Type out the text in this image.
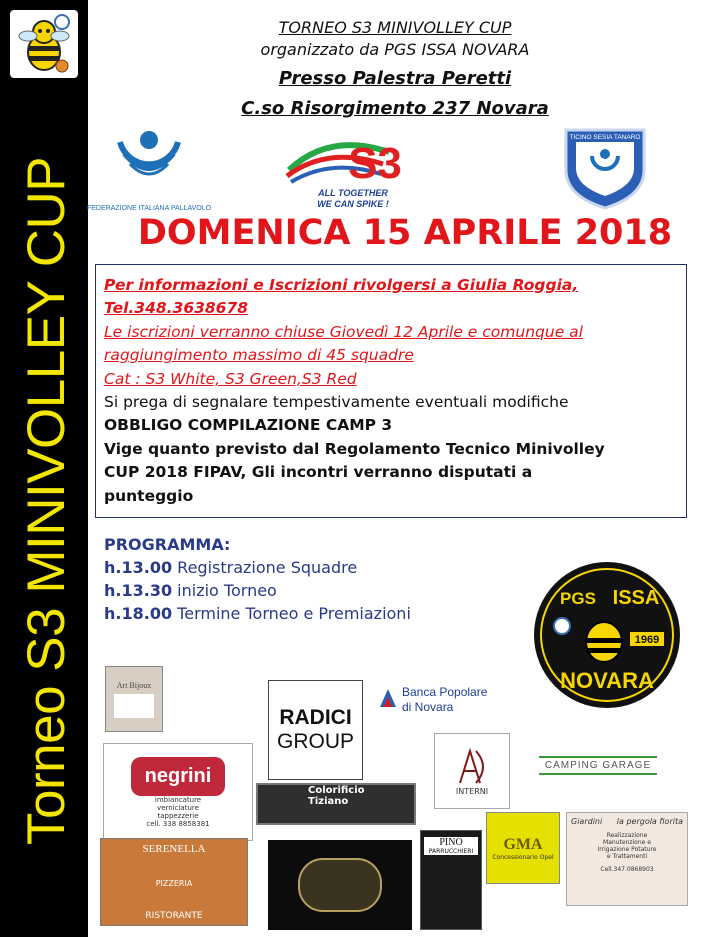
Torneo S3 MINIVOLLEY CUP
TORNEO S3 MINIVOLLEY CUP
organizzato da PGS ISSA NOVARA
Presso Palestra Peretti
C.so Risorgimento 237 Novara
FEDERAZIONE ITALIANA PALLAVOLO
S3
ALL TOGETHER
WE CAN SPIKE !
TICINO SESIA TANARO
DOMENICA 15 APRILE 2018
Per informazioni e Iscrizioni rivolgersi a Giulia Roggia,
Tel.348.3638678
Le iscrizioni verranno chiuse Giovedì 12 Aprile e comunque al
raggiungimento massimo di 45 squadre
Cat : S3 White, S3 Green,S3 Red
Si prega di segnalare tempestivamente eventuali modifiche
OBBLIGO COMPILAZIONE CAMP 3
Vige quanto previsto dal Regolamento Tecnico Minivolley
CUP 2018 FIPAV, Gli incontri verranno disputati a
punteggio
PROGRAMMA:
h.13.00 Registrazione Squadre
h.13.30 inizio Torneo
h.18.00 Termine Torneo e Premiazioni
PGS ISSA
1969
NOVARA
Art Bijoux
RADICI
GROUP
Banca Popolare
di Novara
negrini
imbiancature verniciature tappezzerie
cell. 338 8858381
Colorificio
Tiziano
INTERNI
CAMPING GARAGE
SERENELLA
PIZZERIA
RISTORANTE
PINO
PARRUCCHIERI GMA
Concessionario Opel
Giardini la pergola fiorita
Realizzazione Manutenzione e Irrigazione Potature e Trattamenti
Cell.347.0868903
